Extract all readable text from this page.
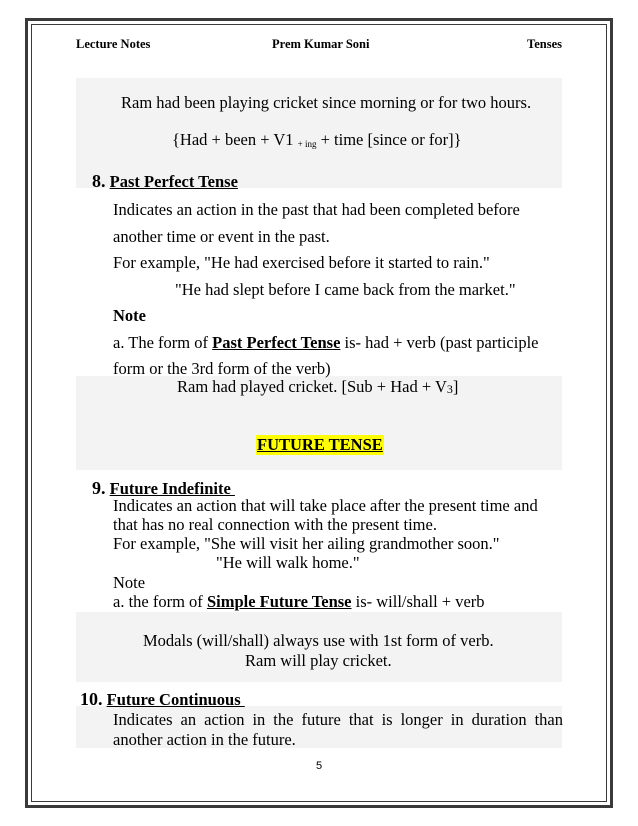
Lecture Notes	Prem Kumar Soni	Tenses
Ram had been playing cricket since morning or for two hours.
{Had + been + V1 $_{+ ing}$ + time [since or for]}
8. Past Perfect Tense
Indicates an action in the past that had been completed before
another time or event in the past.
For example, "He had exercised before it started to rain."
"He had slept before I came back from the market."
Note
a. The form of Past Perfect Tense is- had + verb (past participle
form or the 3rd form of the verb)
Ram had played cricket. [Sub + Had + V3]
FUTURE TENSE
9. Future Indefinite
Indicates an action that will take place after the present time and
that has no real connection with the present time.
For example, "She will visit her ailing grandmother soon."
"He will walk home."
Note
a. the form of Simple Future Tense is- will/shall + verb
Modals (will/shall) always use with 1st form of verb.
Ram will play cricket.
10. Future Continuous
Indicates an action in the future that is longer in duration than
another action in the future.
5
